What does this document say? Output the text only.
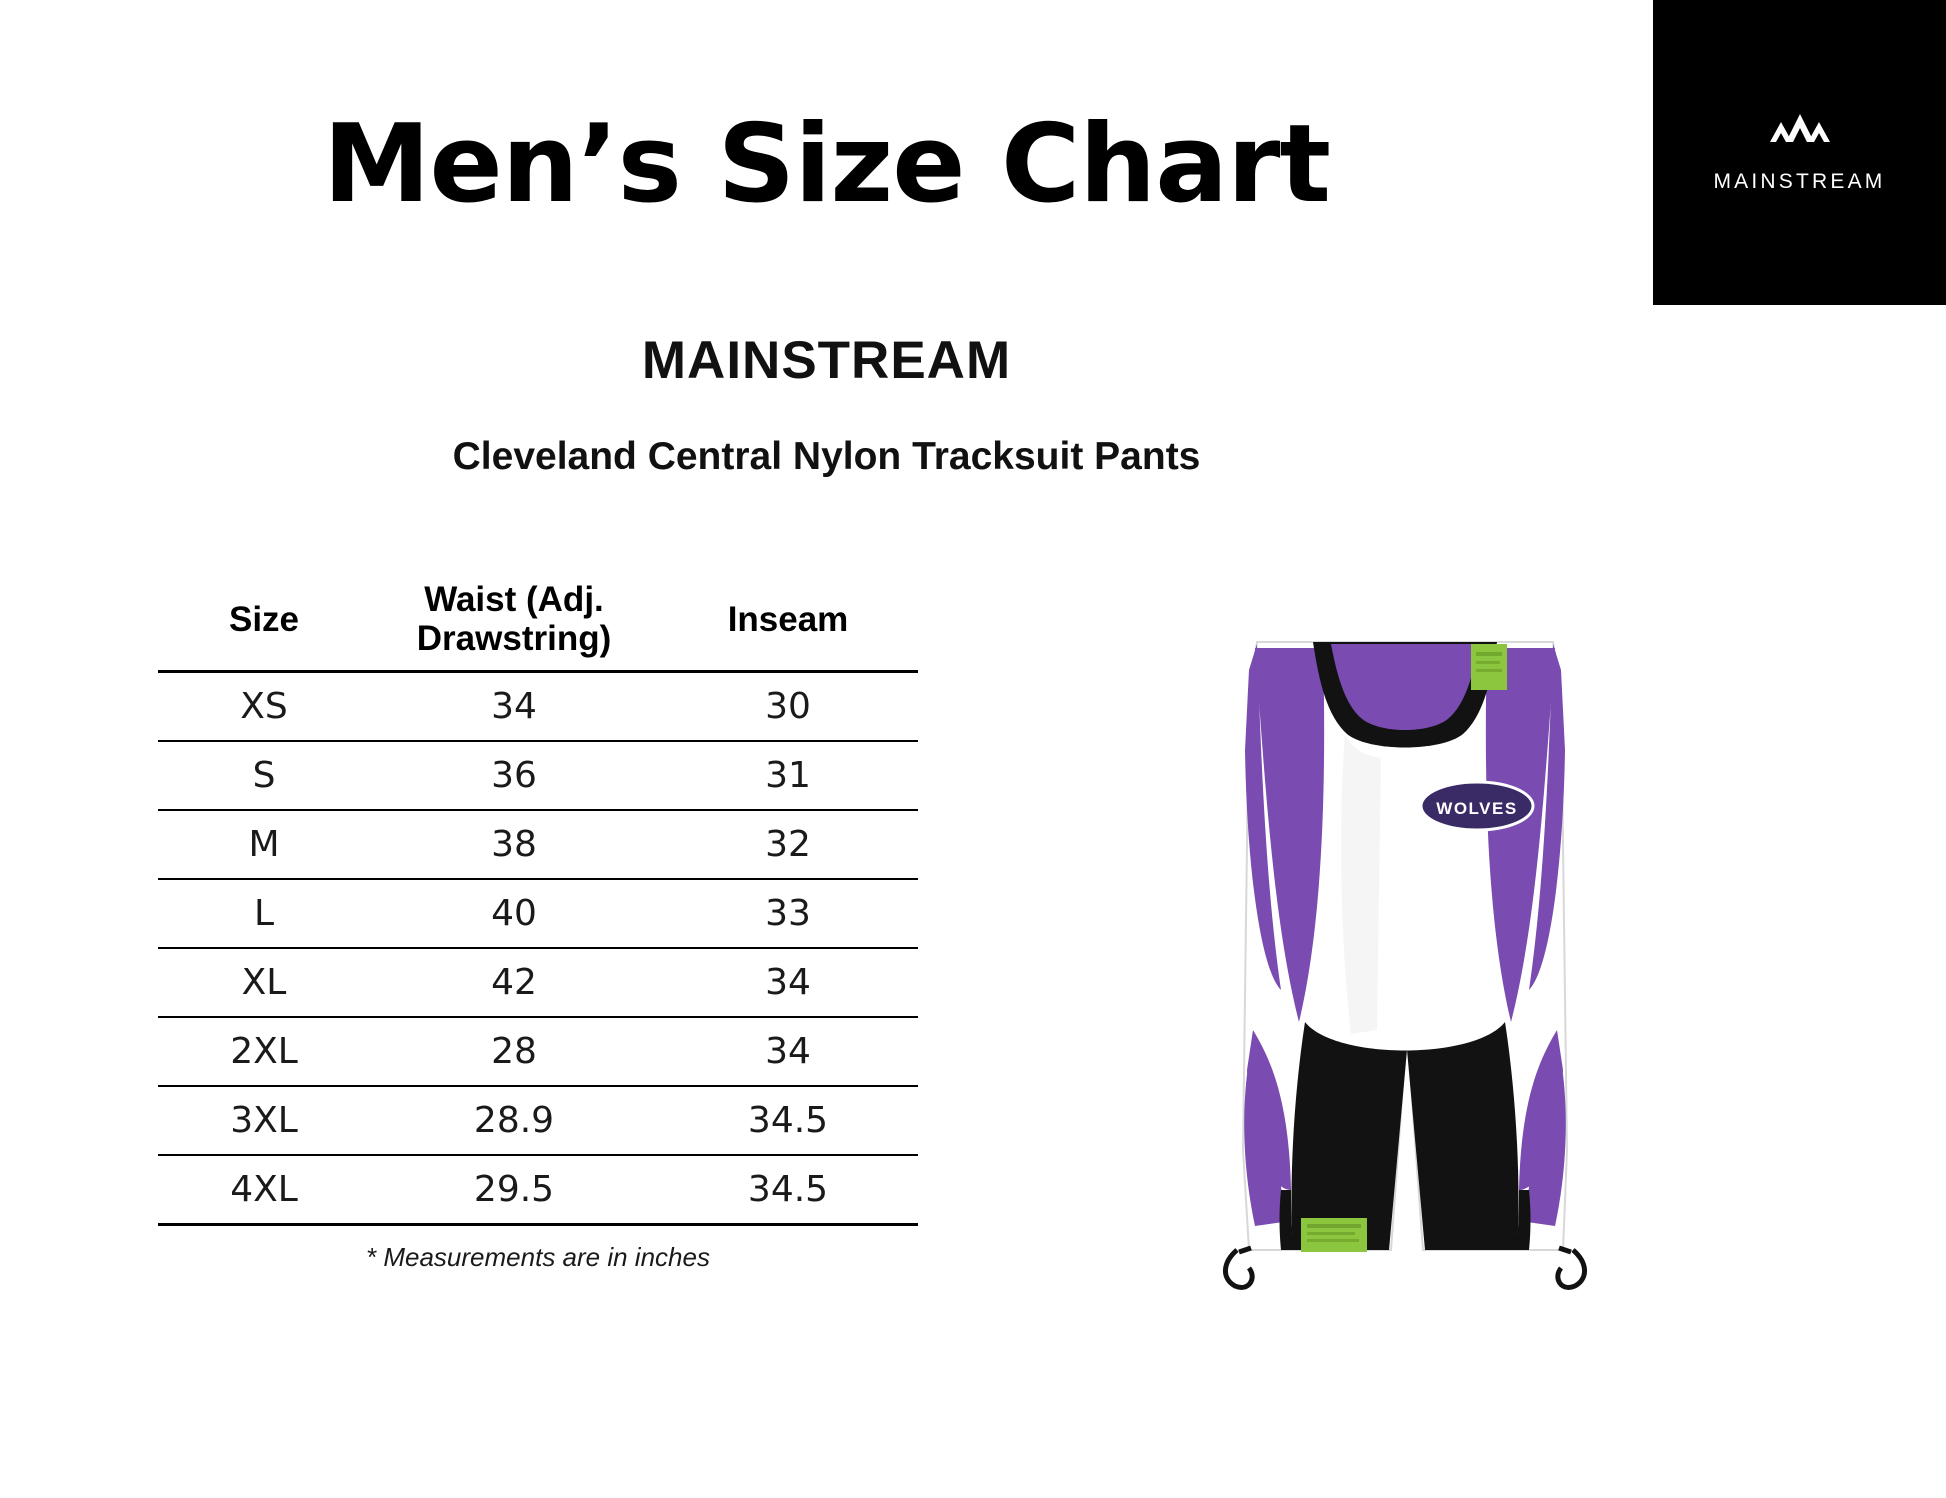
MAINSTREAM
Men’s Size Chart
MAINSTREAM
Cleveland Central Nylon Tracksuit Pants
Size	Waist (Adj. Drawstring)	Inseam
XS	34	30
S	36	31
M	38	32
L	40	33
XL	42	34
2XL	28	34
3XL	28.9	34.5
4XL	29.5	34.5
* Measurements are in inches
WOLVES
